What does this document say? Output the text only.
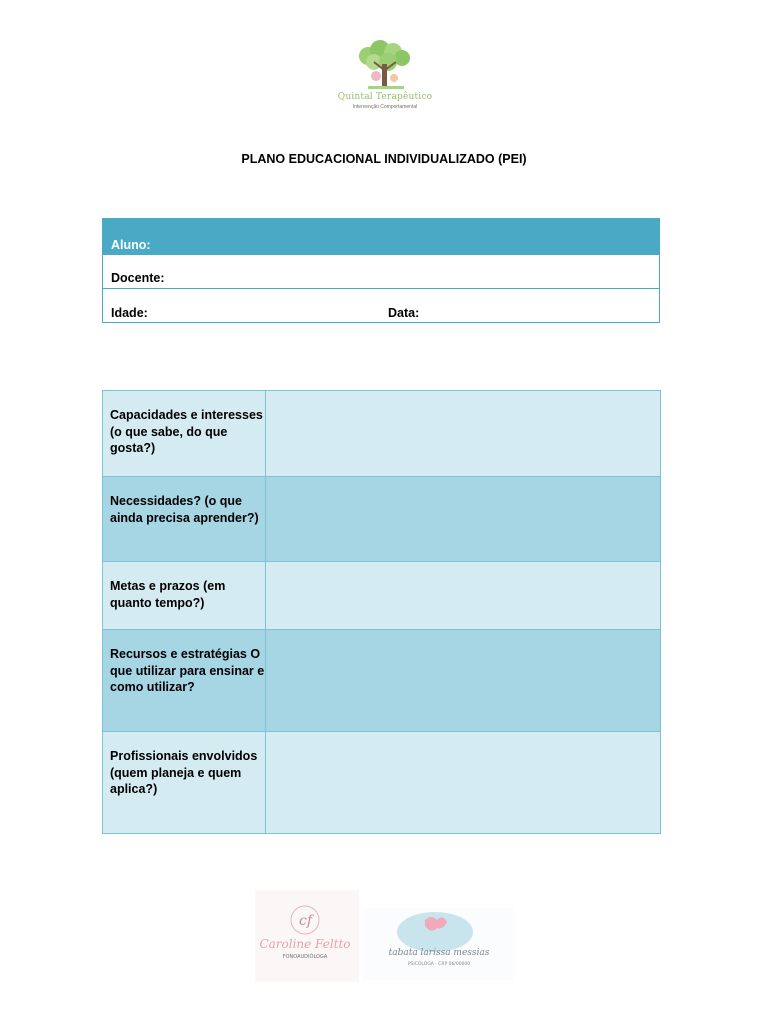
Quintal Terapêutico
Intervenção Comportamental
PLANO EDUCACIONAL INDIVIDUALIZADO (PEI)
Aluno:
Docente:
Idade:	Data:

Capacidades e interesses (o que sabe, do que gosta?)	

Necessidades? (o que ainda precisa aprender?)	

Metas e prazos (em quanto tempo?)	

Recursos e estratégias O que utilizar para ensinar e como utilizar?	

Profissionais envolvidos (quem planeja e quem aplica?)	

cf
Caroline Feltto
FONOAUDIÓLOGA	tabata larissa messias
PSICÓLOGA · CRP 06/00000
